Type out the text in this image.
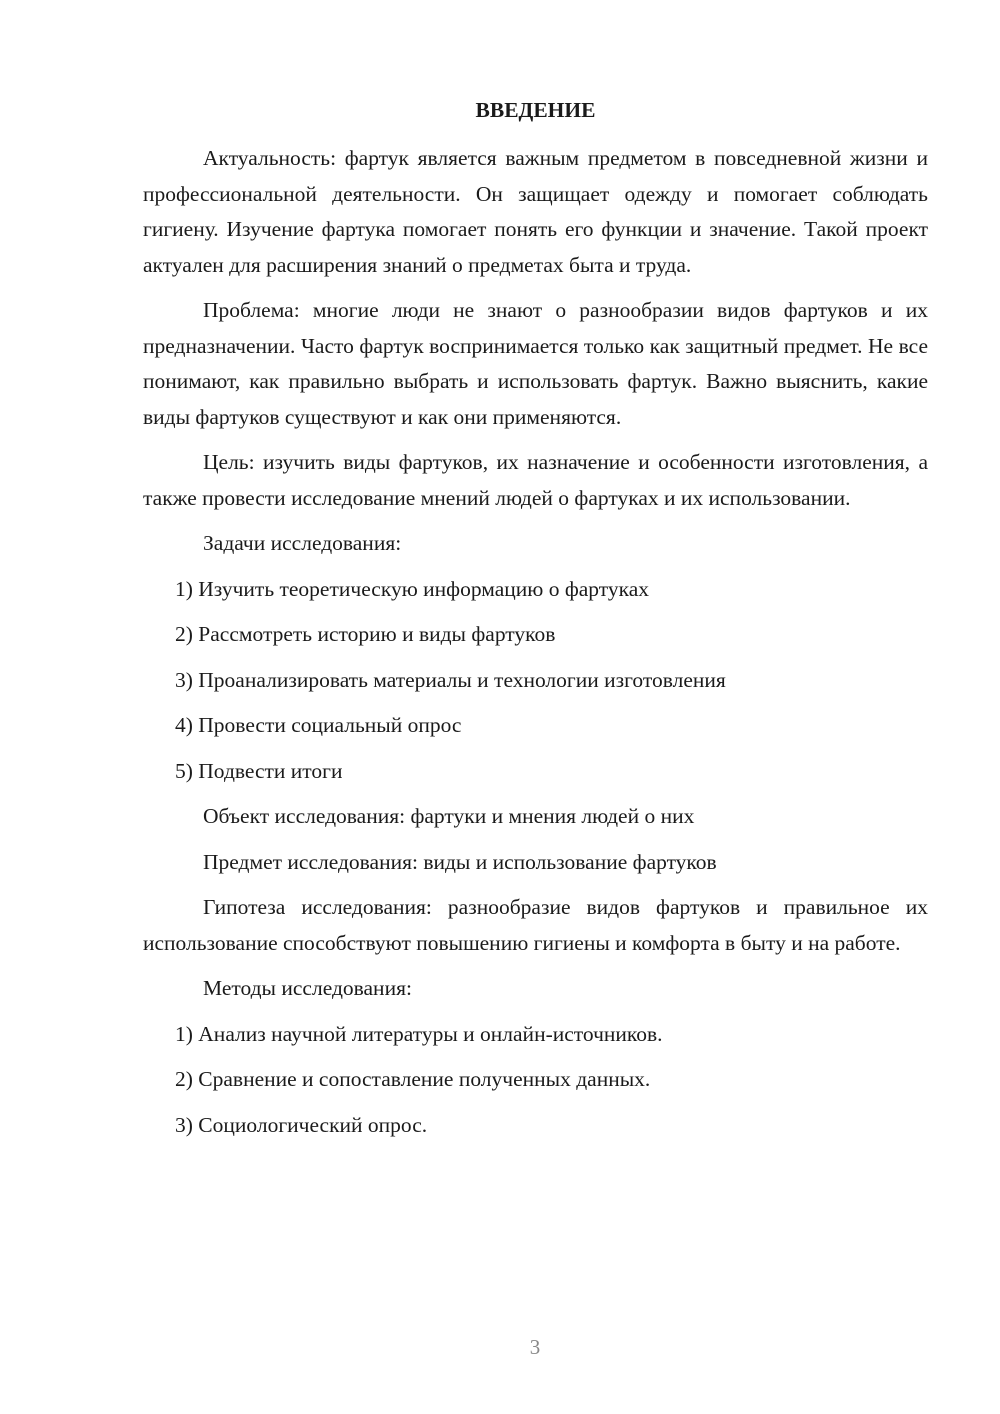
ВВЕДЕНИЕ

Актуальность: фартук является важным предметом в повседневной жизни и профессиональной деятельности. Он защищает одежду и помогает соблюдать гигиену. Изучение фартука помогает понять его функции и значение. Такой проект актуален для расширения знаний о предметах быта и труда.

Проблема: многие люди не знают о разнообразии видов фартуков и их предназначении. Часто фартук воспринимается только как защитный предмет. Не все понимают, как правильно выбрать и использовать фартук. Важно выяснить, какие виды фартуков существуют и как они применяются.

Цель: изучить виды фартуков, их назначение и особенности изготовления, а также провести исследование мнений людей о фартуках и их использовании.

Задачи исследования:

1) Изучить теоретическую информацию о фартуках
2) Рассмотреть историю и виды фартуков
3) Проанализировать материалы и технологии изготовления
4) Провести социальный опрос
5) Подвести итоги

Объект исследования: фартуки и мнения людей о них

Предмет исследования: виды и использование фартуков

Гипотеза исследования: разнообразие видов фартуков и правильное их использование способствуют повышению гигиены и комфорта в быту и на работе.

Методы исследования:

1) Анализ научной литературы и онлайн-источников.
2) Сравнение и сопоставление полученных данных.
3) Социологический опрос.
3
